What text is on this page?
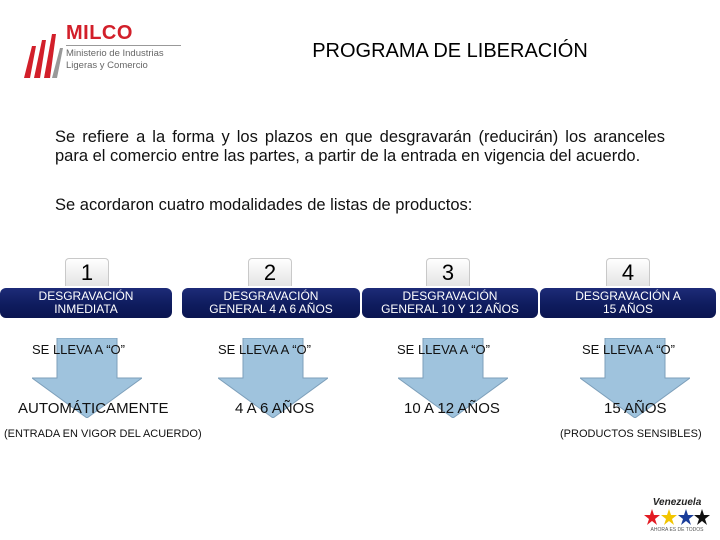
MILCO
Ministerio de Industrias Ligeras y Comercio
PROGRAMA DE LIBERACIÓN
Se refiere a la forma y los plazos en que desgravarán (reducirán) los aranceles para el comercio entre las partes, a partir de la entrada en vigencia del acuerdo.
Se acordaron cuatro modalidades de listas de productos:
1
DESGRAVACIÓN
INMEDIATA
SE LLEVA A “O”
AUTOMÁTICAMENTE
2
DESGRAVACIÓN
GENERAL 4 A 6 AÑOS
SE LLEVA A “O”
4 A 6 AÑOS
3
DESGRAVACIÓN
GENERAL 10 Y 12 AÑOS
SE LLEVA A “O”
10 A 12 AÑOS
4
DESGRAVACIÓN A
15 AÑOS
SE LLEVA A “O”
15 AÑOS
(ENTRADA EN VIGOR DEL ACUERDO)	(PRODUCTOS SENSIBLES)
Venezuela
AHORA ES DE TODOS
